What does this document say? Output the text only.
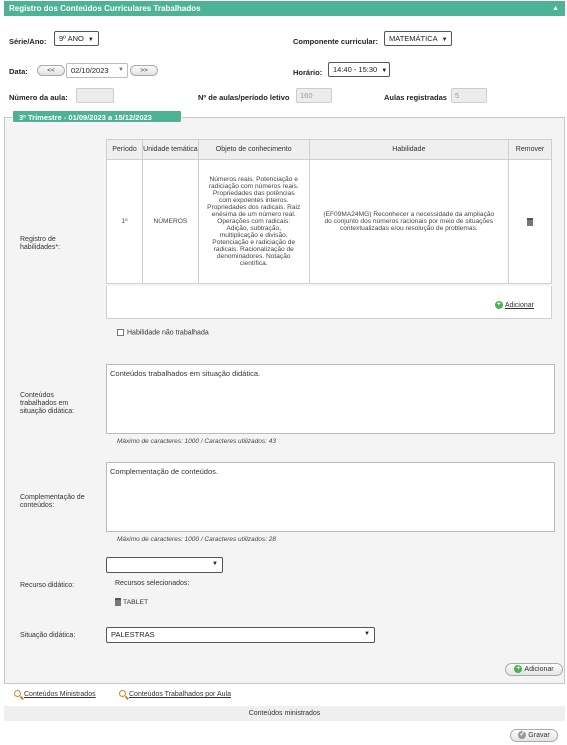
Registro dos Conteúdos Curriculares Trabalhados	▲
Série/Ano:	9º ANO ▼	Componente curricular:	MATEMÁTICA ▼
Data:	<<	02/10/2023 ▼	>>	Horário:	14:40 - 15:30 ▼
Número da aula:	Nº de aulas/período letivo	160	Aulas registradas	5
3º Trimestre - 01/09/2023 a 15/12/2023
Registro de habilidades*:
Período	Unidade temática	Objeto de conhecimento	Habilidade	Remover
1º	NÚMEROS	Números reais. Potenciação e radiciação com números reais. Propriedades das potências com expoentes inteiros. Propriedades dos radicais. Raiz enésima de um número real. Operações com radicais: Adição, subtração, multiplicação e divisão. Potenciação e radiciação de radicais. Racionalização de denominadores. Notação científica.	(EF09MA24MG) Reconhecer a necessidade da ampliação do conjunto dos números racionais por meio de situações contextualizadas e/ou resolução de problemas.	
+ Adicionar
Habilidade não trabalhada
Conteúdos trabalhados em situação didática:
Conteúdos trabalhados em situação didática.
Máximo de caracteres: 1000 / Caracteres utilizados: 43
Complementação de conteúdos:
Complementação de conteúdos.
Máximo de caracteres: 1000 / Caracteres utilizados: 28
▼
Recurso didático:	Recursos selecionados:
TABLET
Situação didática:	PALESTRAS	▼
+ Adicionar
Conteúdos Ministrados	Conteúdos Trabalhados por Aula
Conteúdos ministrados
✓ Gravar
